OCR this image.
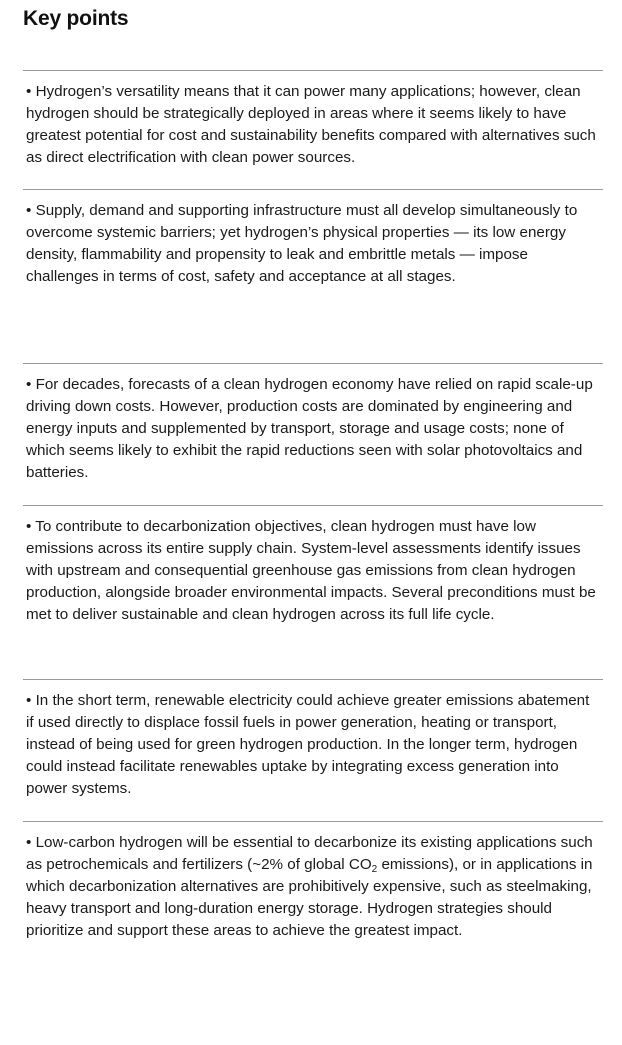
Key points

• Hydrogen’s versatility means that it can power many applications; however, clean hydrogen should be strategically deployed in areas where it seems likely to have greatest potential for cost and sustainability benefits compared with alternatives such as direct electrification with clean power sources.

• Supply, demand and supporting infrastructure must all develop simultaneously to overcome systemic barriers; yet hydrogen’s physical properties — its low energy density, flammability and propensity to leak and embrittle metals — impose challenges in terms of cost, safety and acceptance at all stages.

• For decades, forecasts of a clean hydrogen economy have relied on rapid scale-up driving down costs. However, production costs are dominated by engineering and energy inputs and supplemented by transport, storage and usage costs; none of which seems likely to exhibit the rapid reductions seen with solar photovoltaics and batteries.

• To contribute to decarbonization objectives, clean hydrogen must have low emissions across its entire supply chain. System-level assessments identify issues with upstream and consequential greenhouse gas emissions from clean hydrogen production, alongside broader environmental impacts. Several preconditions must be met to deliver sustainable and clean hydrogen across its full life cycle.

• In the short term, renewable electricity could achieve greater emissions abatement if used directly to displace fossil fuels in power generation, heating or transport, instead of being used for green hydrogen production. In the longer term, hydrogen could instead facilitate renewables uptake by integrating excess generation into power systems.

• Low-carbon hydrogen will be essential to decarbonize its existing applications such as petrochemicals and fertilizers (~2% of global $CO_2$ emissions), or in applications in which decarbonization alternatives are prohibitively expensive, such as steelmaking, heavy transport and long-duration energy storage. Hydrogen strategies should prioritize and support these areas to achieve the greatest impact.
